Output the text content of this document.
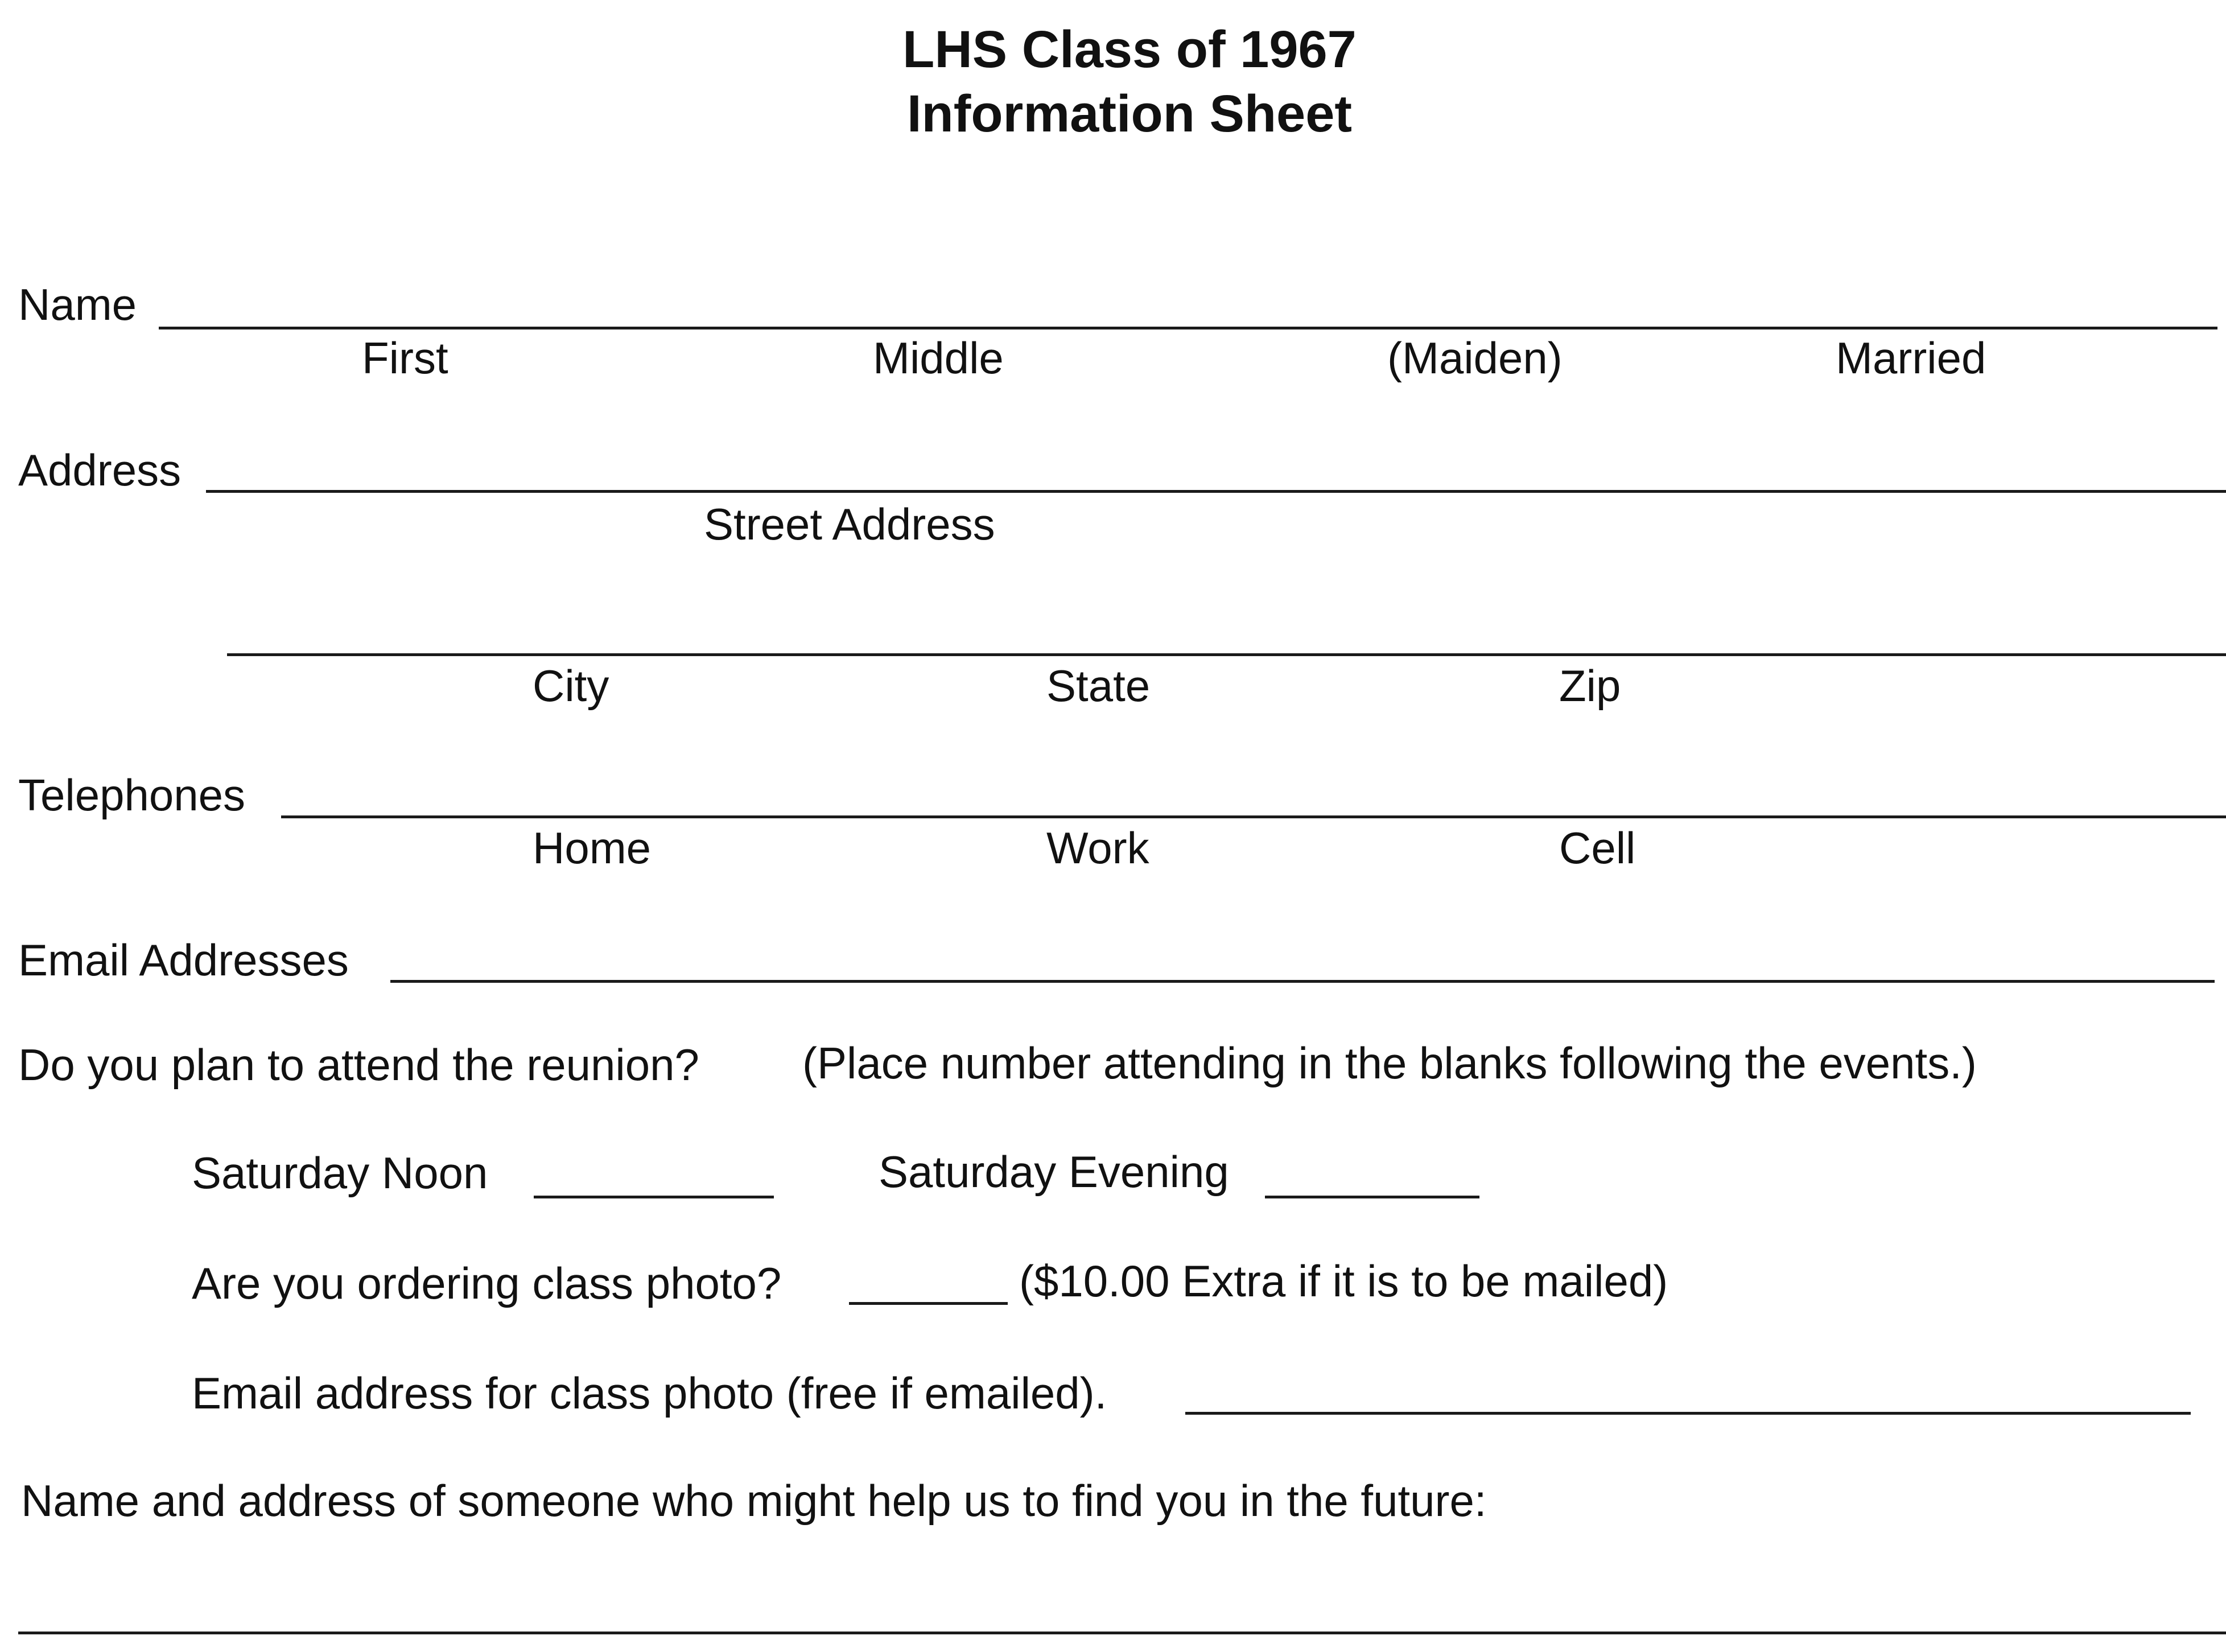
LHS Class of 1967
Information Sheet
Name
First	Middle	(Maiden)	Married
Address
Street Address
City	State	Zip
Telephones
Home	Work	Cell
Email Addresses
Do you plan to attend the reunion? (Place number attending in the blanks following the events.)
Saturday Noon	Saturday Evening
Are you ordering class photo?	($10.00 Extra if it is to be mailed)
Email address for class photo (free if emailed).
Name and address of someone who might help us to find you in the future:
